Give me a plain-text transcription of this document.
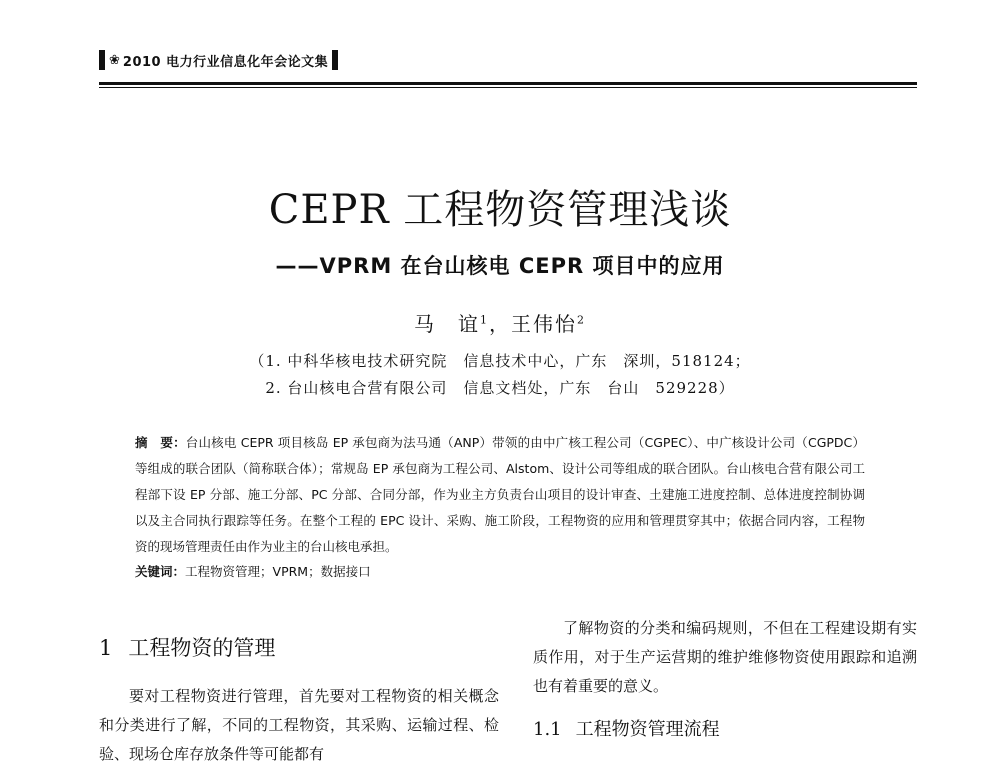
❀ 2010 电力行业信息化年会论文集
CEPR 工程物资管理浅谈
——VPRM 在台山核电 CEPR 项目中的应用
马　谊$^1$，王伟怡$^2$
（1. 中科华核电技术研究院　信息技术中心，广东　深圳，518124；
2. 台山核电合营有限公司　信息文档处，广东　台山　529228）
摘　要：台山核电 CEPR 项目核岛 EP 承包商为法马通（ANP）带领的由中广核工程公司（CGPEC）、中广核设计公司（CGPDC）等组成的联合团队（简称联合体）；常规岛 EP 承包商为工程公司、Alstom、设计公司等组成的联合团队。台山核电合营有限公司工程部下设 EP 分部、施工分部、PC 分部、合同分部，作为业主方负责台山项目的设计审查、土建施工进度控制、总体进度控制协调以及主合同执行跟踪等任务。在整个工程的 EPC 设计、采购、施工阶段，工程物资的应用和管理贯穿其中；依据合同内容，工程物资的现场管理责任由作为业主的台山核电承担。
关键词：工程物资管理；VPRM；数据接口
1 工程物资的管理
要对工程物资进行管理，首先要对工程物资的相关概念和分类进行了解，不同的工程物资，其采购、运输过程、检验、现场仓库存放条件等可能都有

了解物资的分类和编码规则，不但在工程建设期有实质作用，对于生产运营期的维护维修物资使用跟踪和追溯也有着重要的意义。

1.1 工程物资管理流程
